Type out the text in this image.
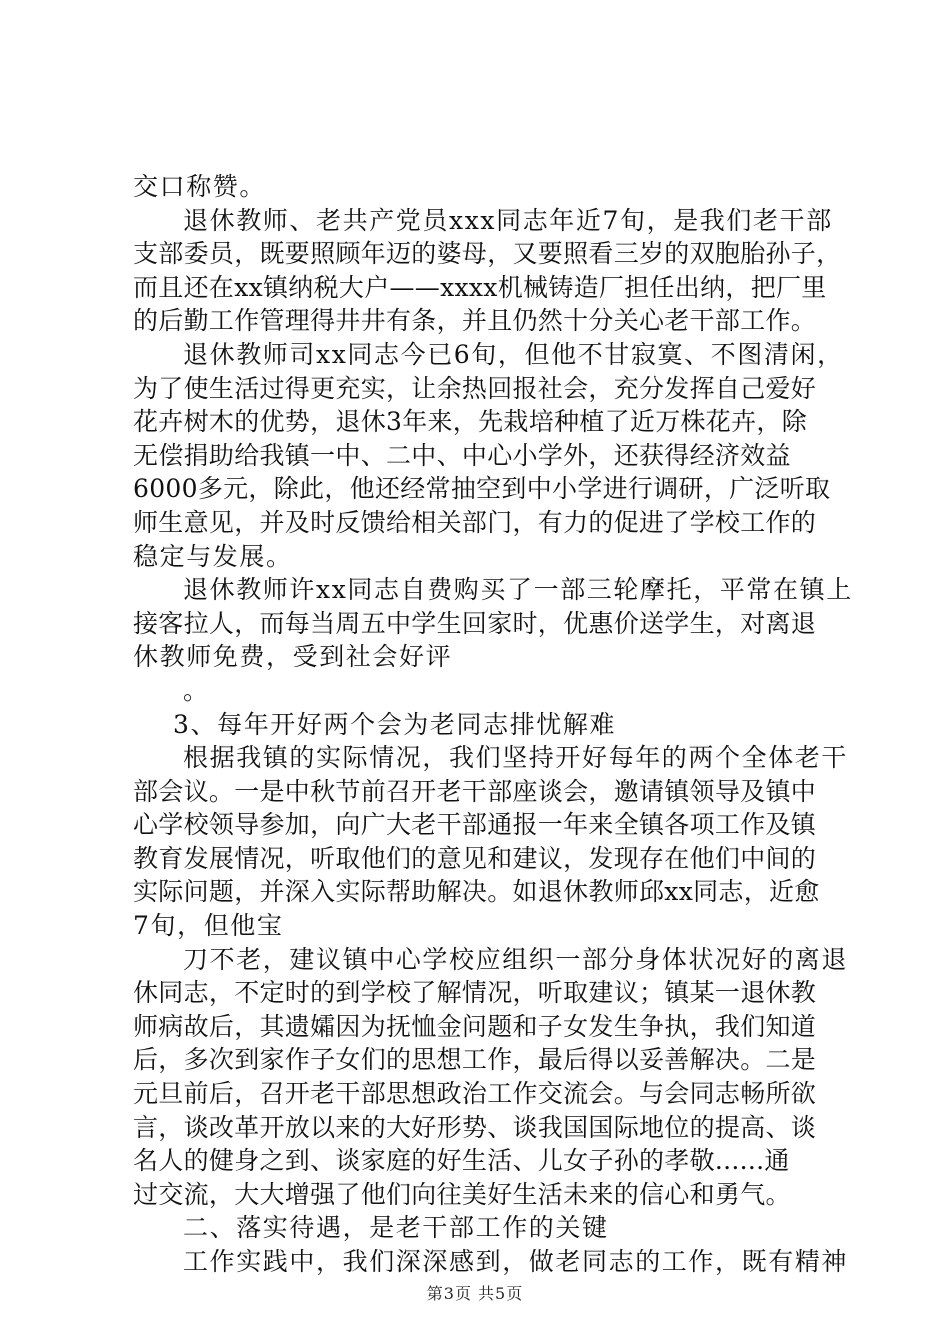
交口称赞。
退休教师、老共产党员xxx同志年近7旬，是我们老干部
支部委员，既要照顾年迈的婆母，又要照看三岁的双胞胎孙子，
而且还在xx镇纳税大户——xxxx机械铸造厂担任出纳，把厂里
的后勤工作管理得井井有条，并且仍然十分关心老干部工作。
退休教师司xx同志今已6旬，但他不甘寂寞、不图清闲，
为了使生活过得更充实，让余热回报社会，充分发挥自己爱好
花卉树木的优势，退休3年来，先栽培种植了近万株花卉，除
无偿捐助给我镇一中、二中、中心小学外，还获得经济效益
6000多元，除此，他还经常抽空到中小学进行调研，广泛听取
师生意见，并及时反馈给相关部门，有力的促进了学校工作的
稳定与发展。
退休教师许xx同志自费购买了一部三轮摩托，平常在镇上
接客拉人，而每当周五中学生回家时，优惠价送学生，对离退
休教师免费，受到社会好评
。
3、每年开好两个会为老同志排忧解难
根据我镇的实际情况，我们坚持开好每年的两个全体老干
部会议。一是中秋节前召开老干部座谈会，邀请镇领导及镇中
心学校领导参加，向广大老干部通报一年来全镇各项工作及镇
教育发展情况，听取他们的意见和建议，发现存在他们中间的
实际问题，并深入实际帮助解决。如退休教师邱xx同志，近愈
7旬，但他宝
刀不老，建议镇中心学校应组织一部分身体状况好的离退
休同志，不定时的到学校了解情况，听取建议；镇某一退休教
师病故后，其遗孀因为抚恤金问题和子女发生争执，我们知道
后，多次到家作子女们的思想工作，最后得以妥善解决。二是
元旦前后，召开老干部思想政治工作交流会。与会同志畅所欲
言，谈改革开放以来的大好形势、谈我国国际地位的提高、谈
名人的健身之到、谈家庭的好生活、儿女子孙的孝敬......通
过交流，大大增强了他们向往美好生活未来的信心和勇气。
二、落实待遇，是老干部工作的关键
工作实践中，我们深深感到，做老同志的工作，既有精神
第3页 共5页
